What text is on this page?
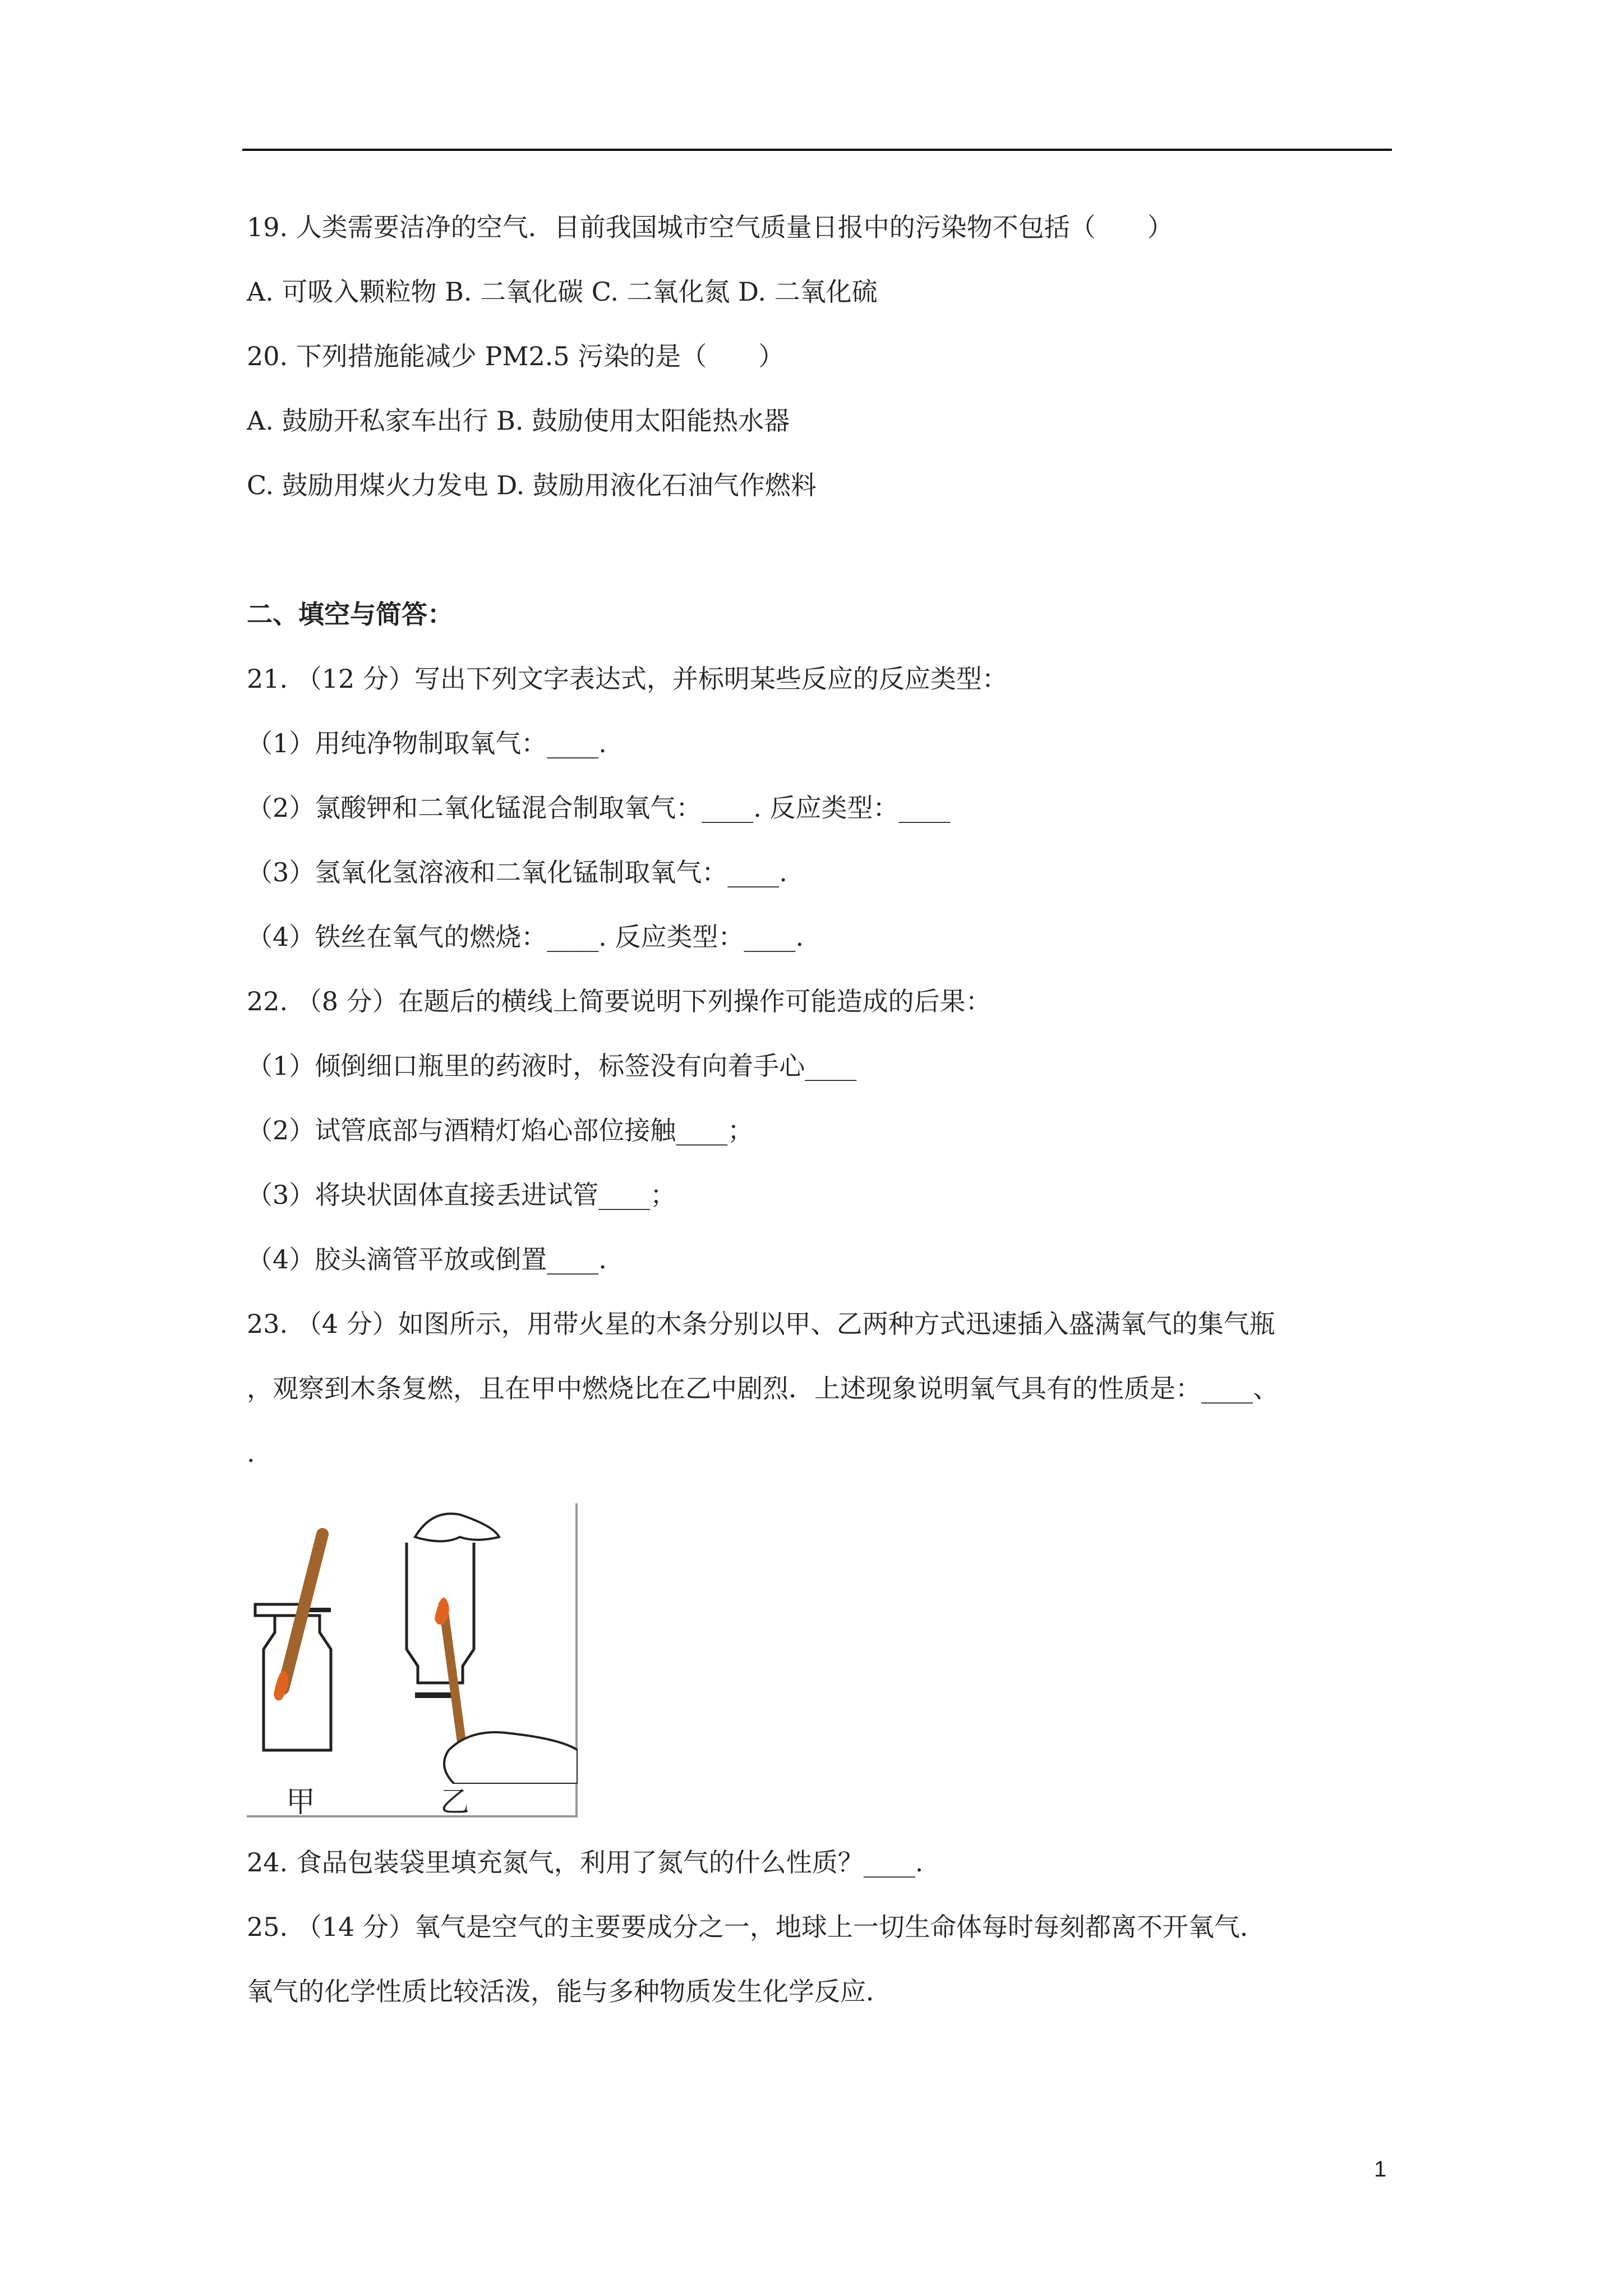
19. 人类需要洁净的空气．目前我国城市空气质量日报中的污染物不包括（　　）
A. 可吸入颗粒物 B. 二氧化碳 C. 二氧化氮 D. 二氧化硫
20. 下列措施能减少 PM2.5 污染的是（　　）
A. 鼓励开私家车出行 B. 鼓励使用太阳能热水器
C. 鼓励用煤火力发电 D. 鼓励用液化石油气作燃料
二、填空与简答：
21. （12 分）写出下列文字表达式，并标明某些反应的反应类型：
（1）用纯净物制取氧气：____.
（2）氯酸钾和二氧化锰混合制取氧气：____. 反应类型：____
（3）氢氧化氢溶液和二氧化锰制取氧气：____.
（4）铁丝在氧气的燃烧：____. 反应类型：____.
22. （8 分）在题后的横线上简要说明下列操作可能造成的后果：
（1）倾倒细口瓶里的药液时，标签没有向着手心____
（2）试管底部与酒精灯焰心部位接触____；
（3）将块状固体直接丢进试管____；
（4）胶头滴管平放或倒置____.
23. （4 分）如图所示，用带火星的木条分别以甲、乙两种方式迅速插入盛满氧气的集气瓶
，观察到木条复燃，且在甲中燃烧比在乙中剧烈．上述现象说明氧气具有的性质是：____、
.
甲	乙
24. 食品包装袋里填充氮气，利用了氮气的什么性质？____.
25. （14 分）氧气是空气的主要要成分之一，地球上一切生命体每时每刻都离不开氧气．
氧气的化学性质比较活泼，能与多种物质发生化学反应．
1
